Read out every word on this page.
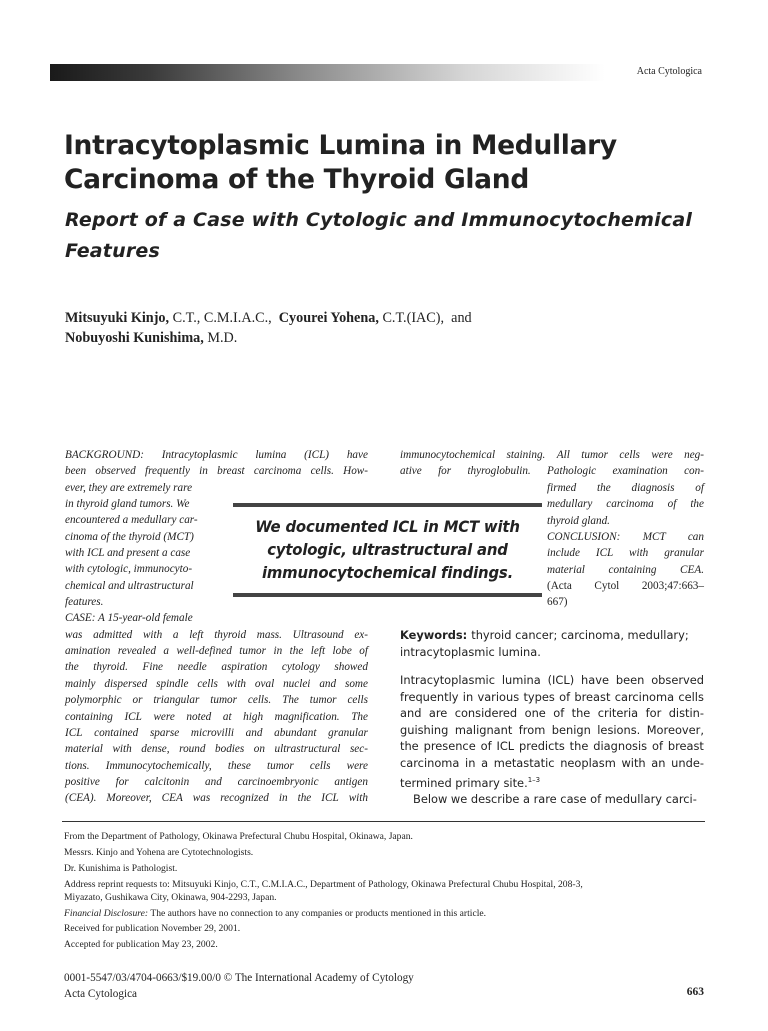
Acta Cytologica
Intracytoplasmic Lumina in Medullary
Carcinoma of the Thyroid Gland
Report of a Case with Cytologic and Immunocytochemical
Features
Mitsuyuki Kinjo, C.T., C.M.I.A.C., Cyourei Yohena, C.T.(IAC), and
Nobuyoshi Kunishima, M.D.
BACKGROUND: Intracytoplasmic lumina (ICL) have
been observed frequently in breast carcinoma cells. How-
ever, they are extremely rare
in thyroid gland tumors. We
encountered a medullary car-
cinoma of the thyroid (MCT)
with ICL and present a case
with cytologic, immunocyto-
chemical and ultrastructural
features.
CASE: A 15-year-old female
was admitted with a left thyroid mass. Ultrasound ex-
amination revealed a well-defined tumor in the left lobe of
the thyroid. Fine needle aspiration cytology showed
mainly dispersed spindle cells with oval nuclei and some
polymorphic or triangular tumor cells. The tumor cells
containing ICL were noted at high magnification. The
ICL contained sparse microvilli and abundant granular
material with dense, round bodies on ultrastructural sec-
tions. Immunocytochemically, these tumor cells were
positive for calcitonin and carcinoembryonic antigen
(CEA). Moreover, CEA was recognized in the ICL with
immunocytochemical staining. All tumor cells were neg-
ative for thyroglobulin. Pathologic examination con-
firmed the diagnosis of
medullary carcinoma of the
thyroid gland.
CONCLUSION: MCT can
include ICL with granular
material containing CEA.
(Acta Cytol 2003;47:663–
667)
We documented ICL in MCT with
cytologic, ultrastructural and
immunocytochemical findings.
Keywords: thyroid cancer; carcinoma, medullary;
intracytoplasmic lumina.
Intracytoplasmic lumina (ICL) have been observed
frequently in various types of breast carcinoma cells
and are considered one of the criteria for distin-
guishing malignant from benign lesions. Moreover,
the presence of ICL predicts the diagnosis of breast
carcinoma in a metastatic neoplasm with an unde-
termined primary site.$^{1-3}$
Below we describe a rare case of medullary carci-
From the Department of Pathology, Okinawa Prefectural Chubu Hospital, Okinawa, Japan.
Messrs. Kinjo and Yohena are Cytotechnologists.
Dr. Kunishima is Pathologist.
Address reprint requests to: Mitsuyuki Kinjo, C.T., C.M.I.A.C., Department of Pathology, Okinawa Prefectural Chubu Hospital, 208-3,
Miyazato, Gushikawa City, Okinawa, 904-2293, Japan.
Financial Disclosure: The authors have no connection to any companies or products mentioned in this article.
Received for publication November 29, 2001.
Accepted for publication May 23, 2002.
0001-5547/03/4704-0663/$19.00/0 © The International Academy of Cytology
Acta Cytologica	663
